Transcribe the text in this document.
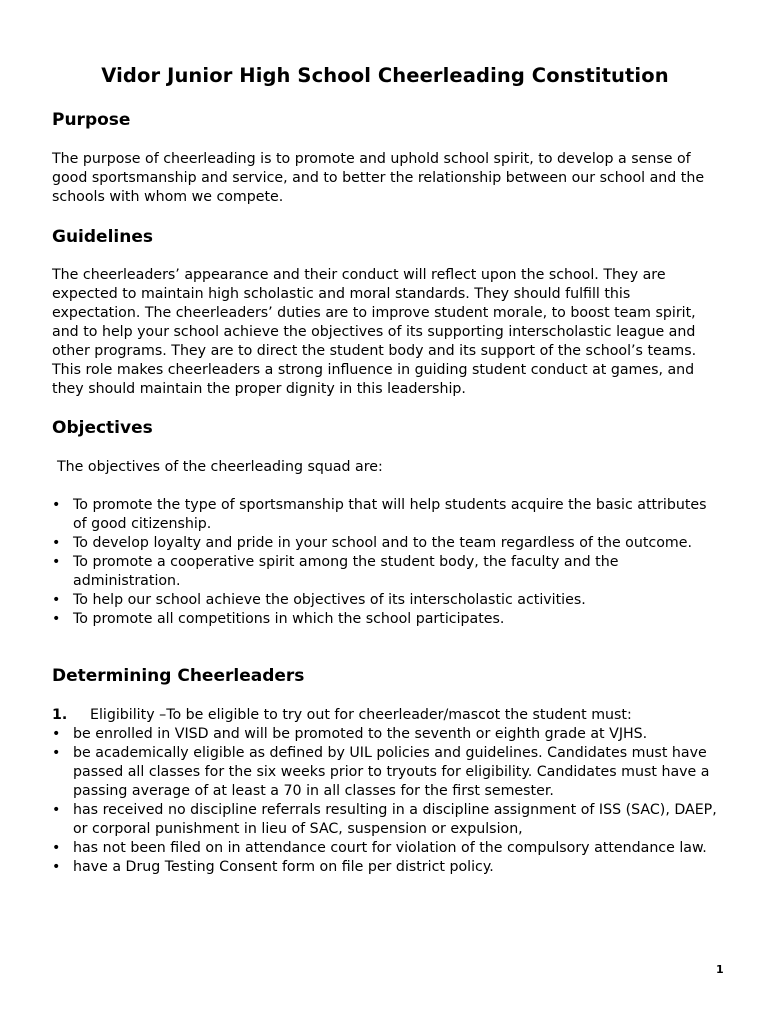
Vidor Junior High School Cheerleading Constitution
Purpose

The purpose of cheerleading is to promote and uphold school spirit, to develop a sense of good sportsmanship and service, and to better the relationship between our school and the schools with whom we compete.

Guidelines

The cheerleaders’ appearance and their conduct will reflect upon the school. They are expected to maintain high scholastic and moral standards. They should fulfill this expectation. The cheerleaders’ duties are to improve student morale, to boost team spirit, and to help your school achieve the objectives of its supporting interscholastic league and other programs. They are to direct the student body and its support of the school’s teams. This role makes cheerleaders a strong influence in guiding student conduct at games, and they should maintain the proper dignity in this leadership.

Objectives

The objectives of the cheerleading squad are:

• To promote the type of sportsmanship that will help students acquire the basic attributes of good citizenship.
• To develop loyalty and pride in your school and to the team regardless of the outcome.
• To promote a cooperative spirit among the student body, the faculty and the administration.
• To help our school achieve the objectives of its interscholastic activities.
• To promote all competitions in which the school participates.
Determining Cheerleaders

1. Eligibility –To be eligible to try out for cheerleader/mascot the student must:

• be enrolled in VISD and will be promoted to the seventh or eighth grade at VJHS.
• be academically eligible as defined by UIL policies and guidelines. Candidates must have passed all classes for the six weeks prior to tryouts for eligibility. Candidates must have a passing average of at least a 70 in all classes for the first semester.
• has received no discipline referrals resulting in a discipline assignment of ISS (SAC), DAEP, or corporal punishment in lieu of SAC, suspension or expulsion,
• has not been filed on in attendance court for violation of the compulsory attendance law.
• have a Drug Testing Consent form on file per district policy.
1
